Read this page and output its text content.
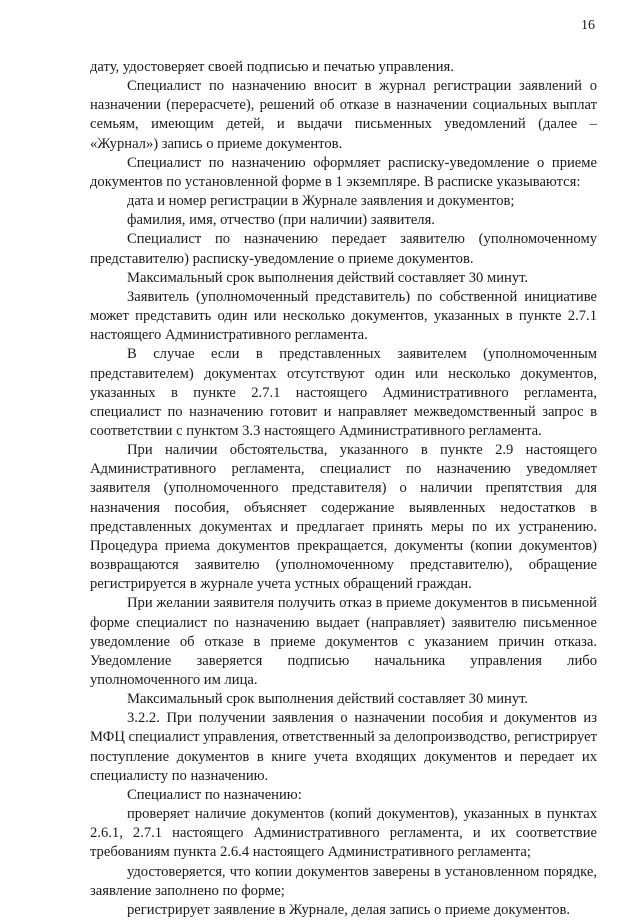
16

дату, удостоверяет своей подписью и печатью управления.

Специалист по назначению вносит в журнал регистрации заявлений о назначении (перерасчете), решений об отказе в назначении социальных выплат семьям, имеющим детей, и выдачи письменных уведомлений (далее – «Журнал») запись о приеме документов.

Специалист по назначению оформляет расписку-уведомление о приеме документов по установленной форме в 1 экземпляре. В расписке указываются:

дата и номер регистрации в Журнале заявления и документов;

фамилия, имя, отчество (при наличии) заявителя.

Специалист по назначению передает заявителю (уполномоченному представителю) расписку-уведомление о приеме документов.

Максимальный срок выполнения действий составляет 30 минут.

Заявитель (уполномоченный представитель) по собственной инициативе может представить один или несколько документов, указанных в пункте 2.7.1 настоящего Административного регламента.

В случае если в представленных заявителем (уполномоченным представителем) документах отсутствуют один или несколько документов, указанных в пункте 2.7.1 настоящего Административного регламента, специалист по назначению готовит и направляет межведомственный запрос в соответствии с пунктом 3.3 настоящего Административного регламента.

При наличии обстоятельства, указанного в пункте 2.9 настоящего Административного регламента, специалист по назначению уведомляет заявителя (уполномоченного представителя) о наличии препятствия для назначения пособия, объясняет содержание выявленных недостатков в представленных документах и предлагает принять меры по их устранению. Процедура приема документов прекращается, документы (копии документов) возвращаются заявителю (уполномоченному представителю), обращение регистрируется в журнале учета устных обращений граждан.

При желании заявителя получить отказ в приеме документов в письменной форме специалист по назначению выдает (направляет) заявителю письменное уведомление об отказе в приеме документов с указанием причин отказа. Уведомление заверяется подписью начальника управления либо уполномоченного им лица.

Максимальный срок выполнения действий составляет 30 минут.

3.2.2. При получении заявления о назначении пособия и документов из МФЦ специалист управления, ответственный за делопроизводство, регистрирует поступление документов в книге учета входящих документов и передает их специалисту по назначению.

Специалист по назначению:

проверяет наличие документов (копий документов), указанных в пунктах 2.6.1, 2.7.1 настоящего Административного регламента, и их соответствие требованиям пункта 2.6.4 настоящего Административного регламента;

удостоверяется, что копии документов заверены в установленном порядке, заявление заполнено по форме;

регистрирует заявление в Журнале, делая запись о приеме документов.
